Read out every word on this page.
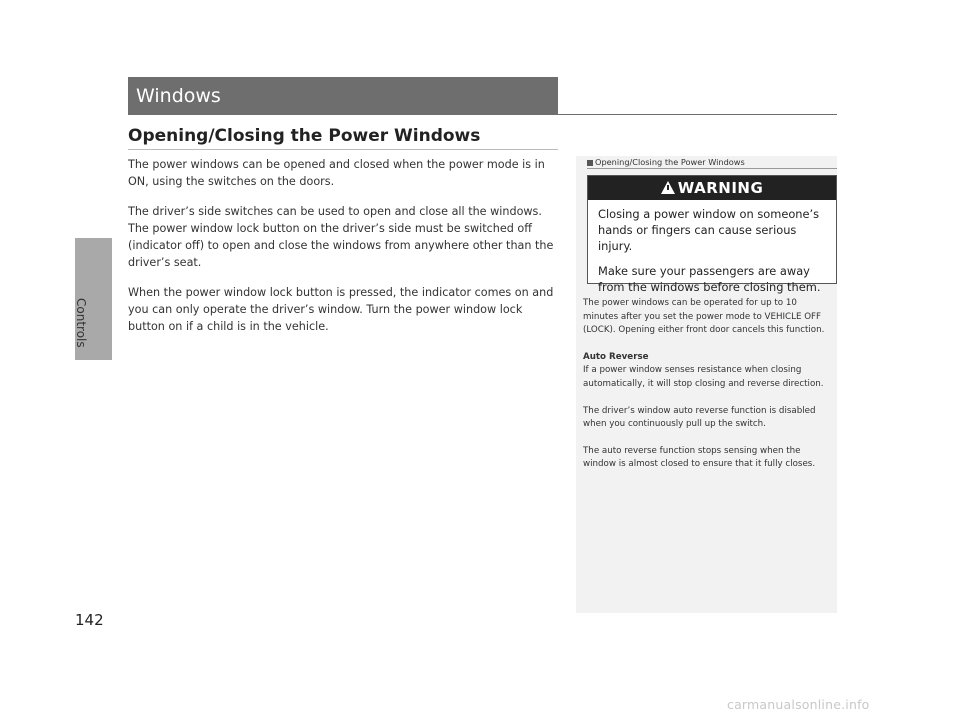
Controls
142
Windows
Opening/Closing the Power Windows

The power windows can be opened and closed when the power mode is in ON, using the switches on the doors.

The driver’s side switches can be used to open and close all the windows. The power window lock button on the driver’s side must be switched off (indicator off) to open and close the windows from anywhere other than the driver’s seat.

When the power window lock button is pressed, the indicator comes on and you can only operate the driver’s window. Turn the power window lock button on if a child is in the vehicle.

Opening/Closing the Power Windows
WARNING

Closing a power window on someone’s hands or fingers can cause serious injury.

Make sure your passengers are away from the windows before closing them.

The power windows can be operated for up to 10 minutes after you set the power mode to VEHICLE OFF (LOCK). Opening either front door cancels this function.

Auto Reverse
If a power window senses resistance when closing automatically, it will stop closing and reverse direction.

The driver’s window auto reverse function is disabled when you continuously pull up the switch.

The auto reverse function stops sensing when the window is almost closed to ensure that it fully closes.

carmanualsonline.info
